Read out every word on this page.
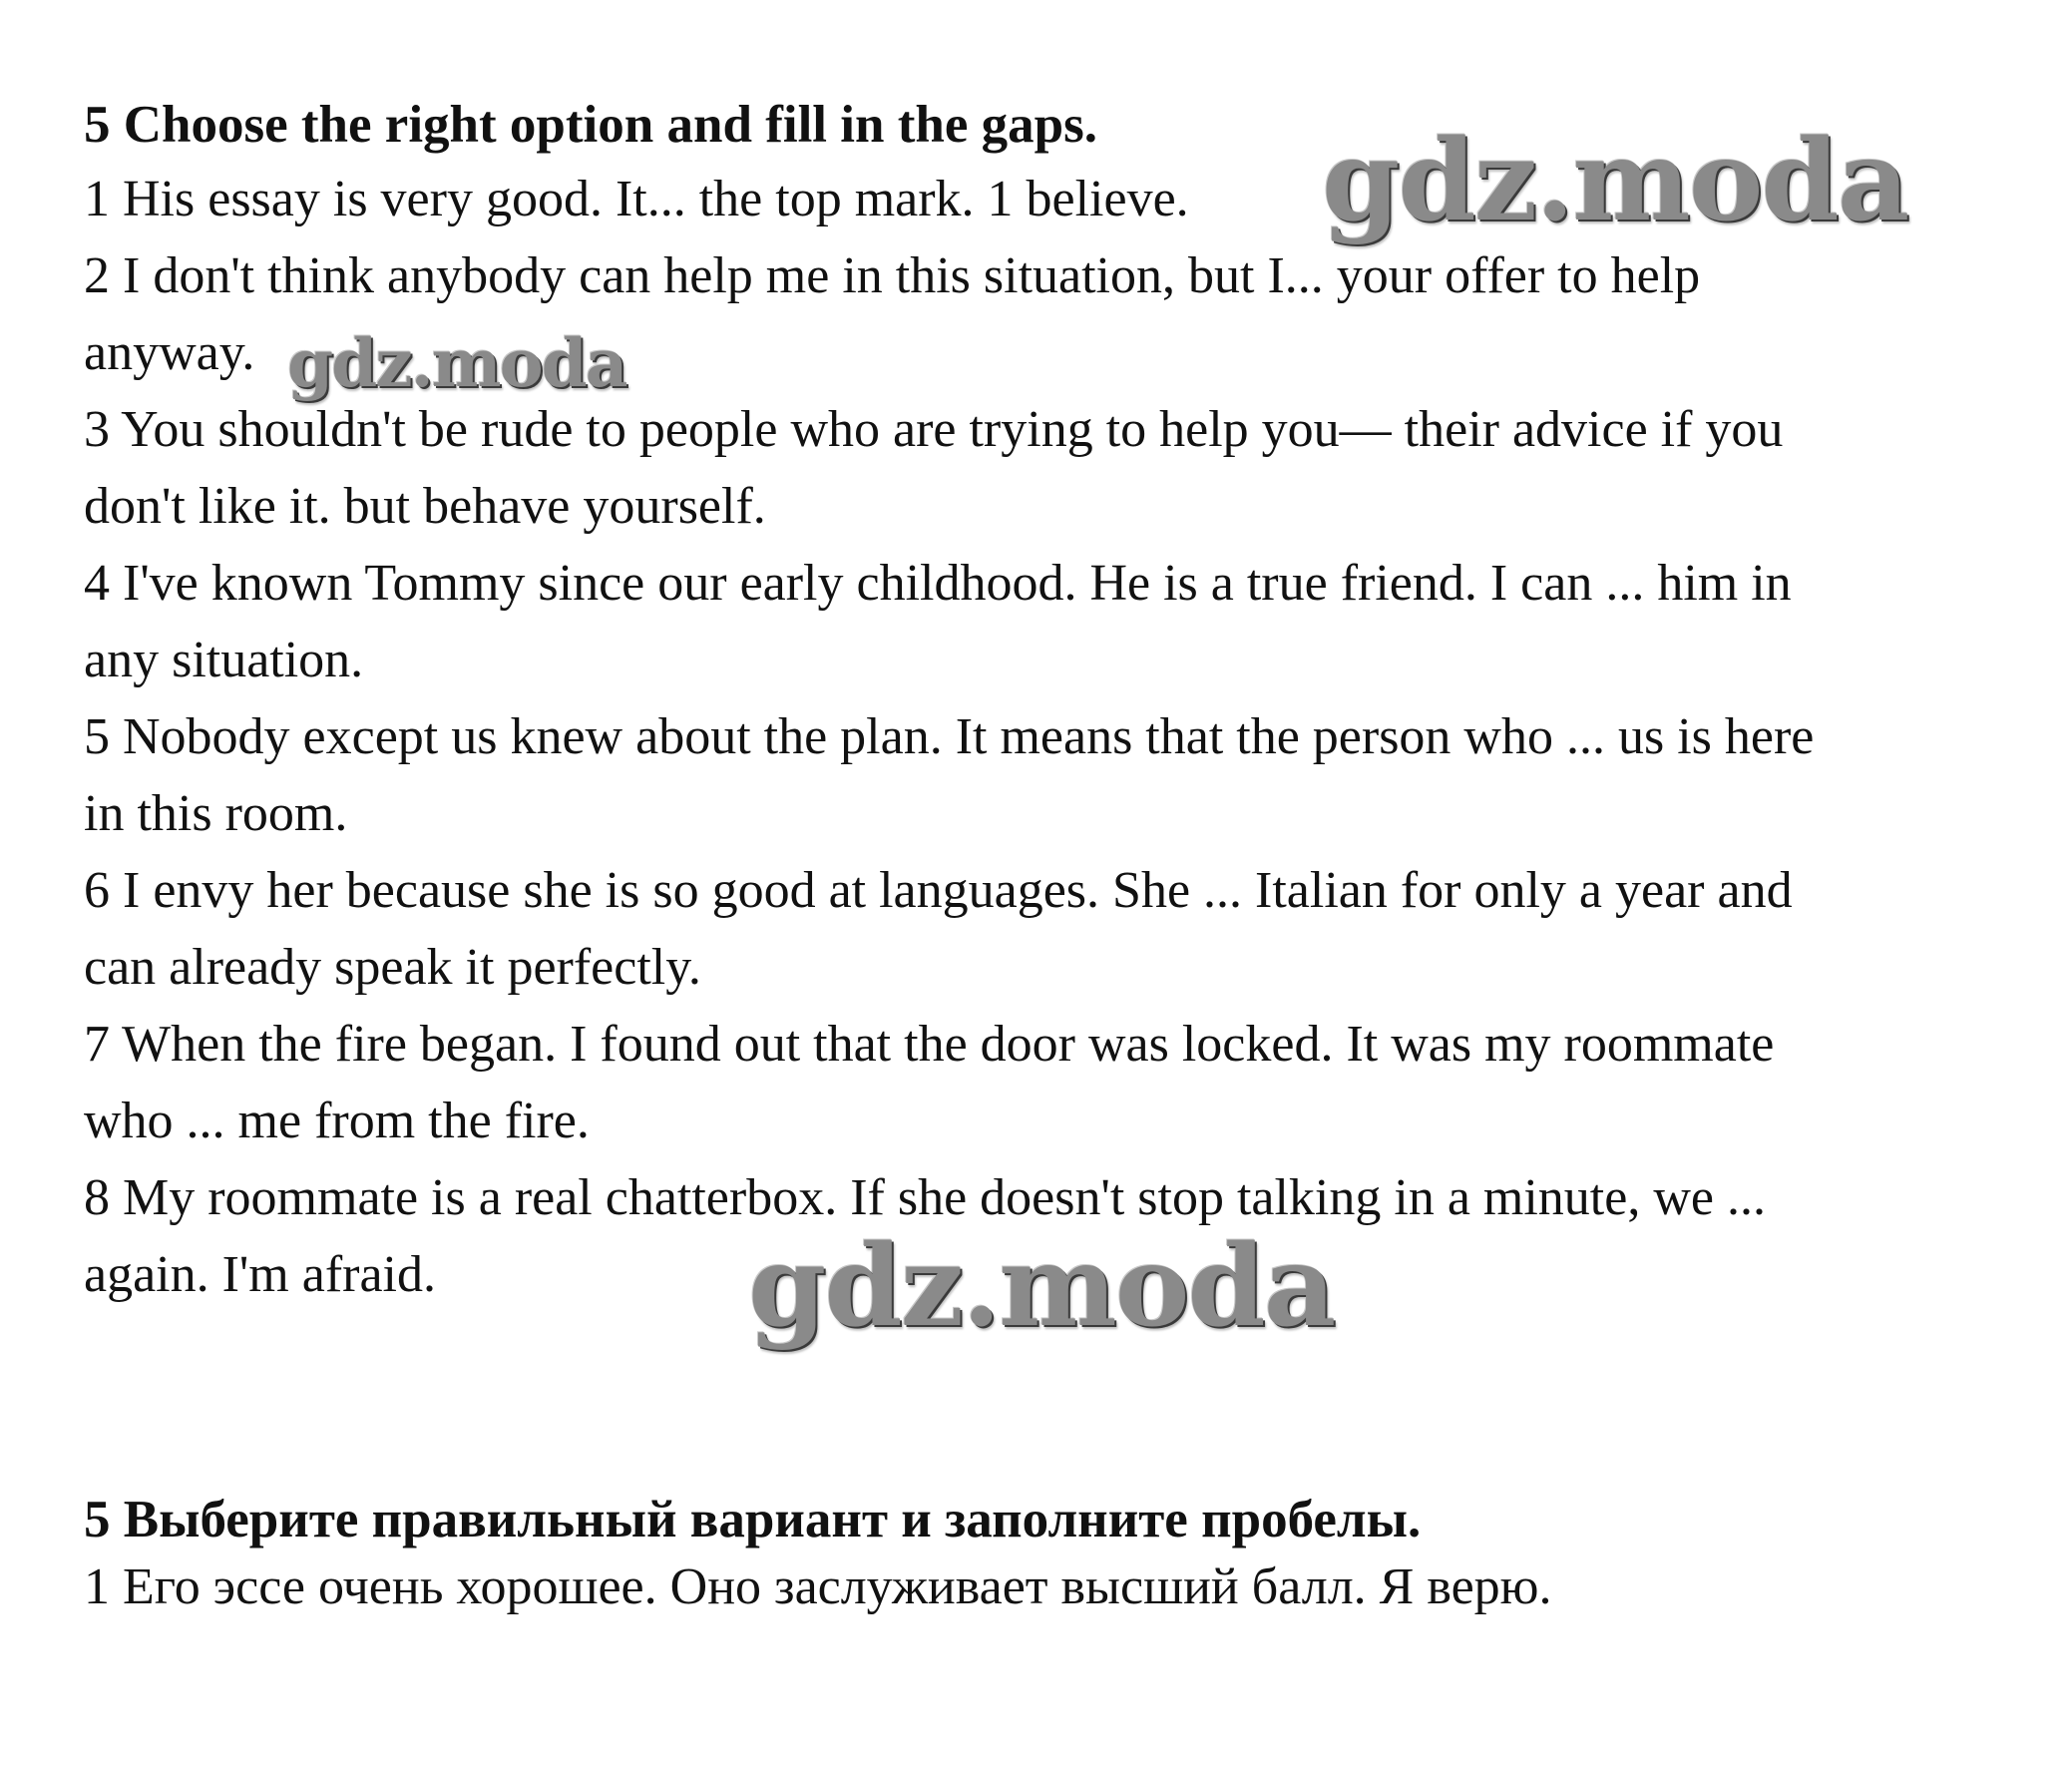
5 Choose the right option and fill in the gaps.
1 His essay is very good. It... the top mark. 1 believe.
2 I don't think anybody can help me in this situation, but I... your offer to help
anyway.
3 You shouldn't be rude to people who are trying to help you— their advice if you
don't like it. but behave yourself.
4 I've known Tommy since our early childhood. He is a true friend. I can ... him in
any situation.
5 Nobody except us knew about the plan. It means that the person who ... us is here
in this room.
6 I envy her because she is so good at languages. She ... Italian for only a year and
can already speak it perfectly.
7 When the fire began. I found out that the door was locked. It was my roommate
who ... me from the fire.
8 My roommate is a real chatterbox. If she doesn't stop talking in a minute, we ...
again. I'm afraid.
5 Выберите правильный вариант и заполните пробелы.
1 Его эссе очень хорошее. Оно заслуживает высший балл. Я верю.
gdz.moda
gdz.moda
gdz.moda
